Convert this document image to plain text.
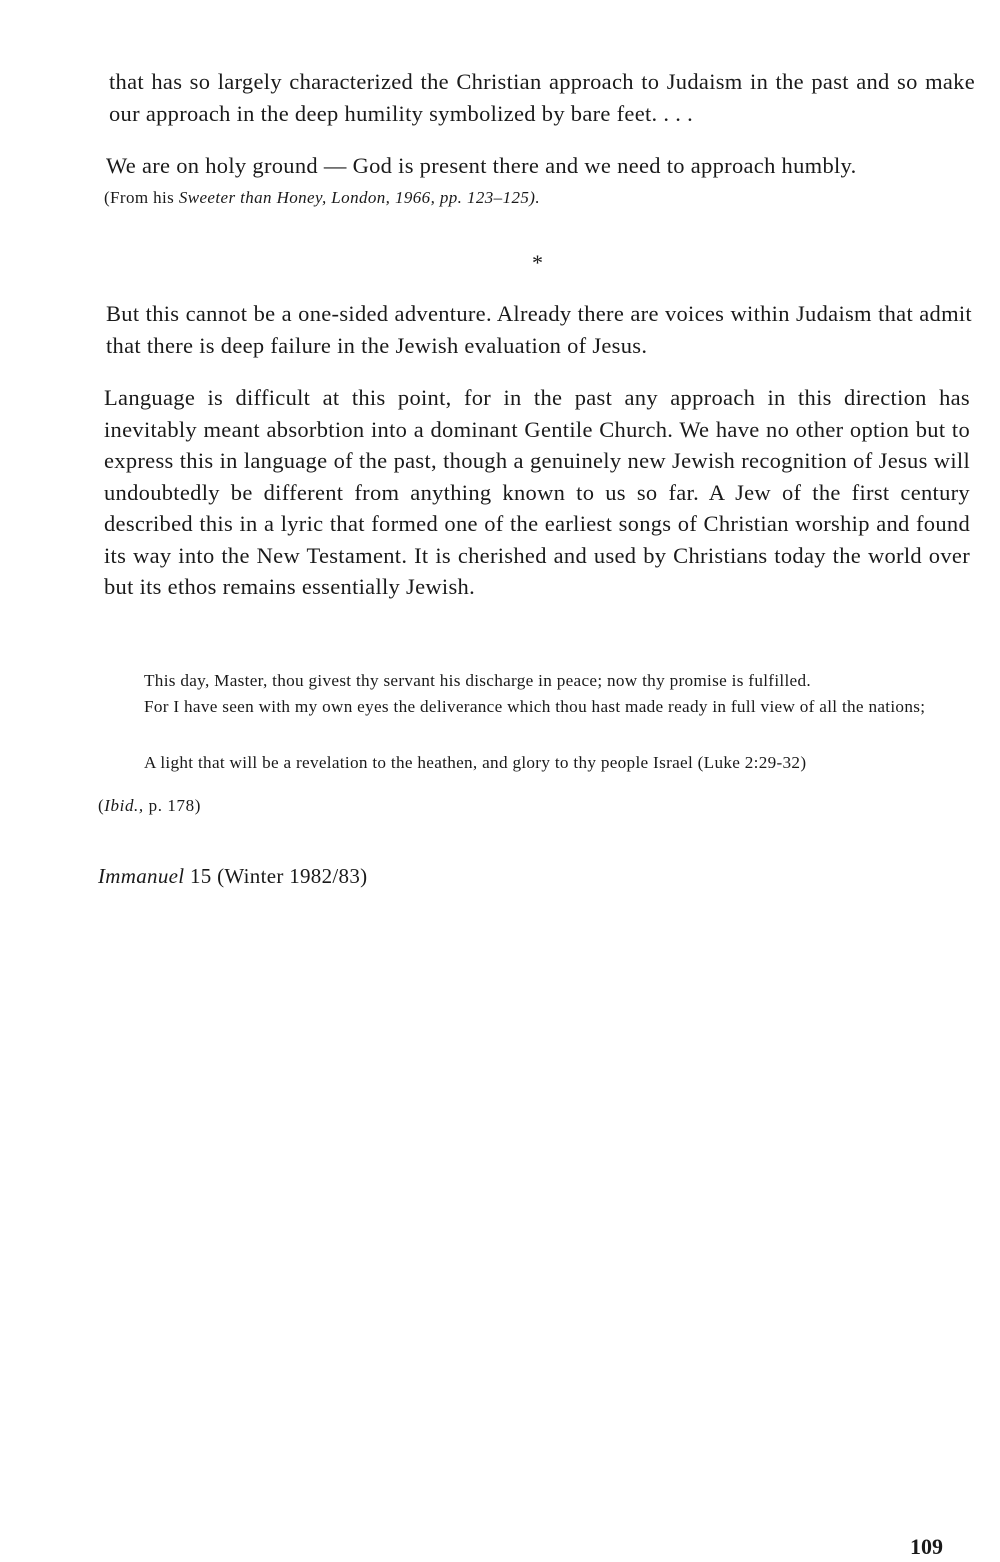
that has so largely characterized the Christian approach to Judaism in the past and so make our approach in the deep humility symbolized by bare feet. . . .

We are on holy ground — God is present there and we need to approach humbly.

(From his Sweeter than Honey, London, 1966, pp. 123–125).
*

But this cannot be a one-sided adventure. Already there are voices within Judaism that admit that there is deep failure in the Jewish evaluation of Jesus.

Language is difficult at this point, for in the past any approach in this direction has inevitably meant absorbtion into a dominant Gentile Church. We have no other option but to express this in language of the past, though a genuinely new Jewish recognition of Jesus will undoubtedly be different from anything known to us so far. A Jew of the first century described this in a lyric that formed one of the earliest songs of Christian worship and found its way into the New Testament. It is cherished and used by Christians today the world over but its ethos remains essentially Jewish.

This day, Master, thou givest thy servant his discharge in peace; now thy promise is fulfilled.
For I have seen with my own eyes the deliverance which thou hast made ready in full view of all the nations;
A light that will be a revelation to the heathen, and glory to thy people Israel (Luke 2:29-32)
(Ibid., p. 178)
Immanuel 15 (Winter 1982/83)
109
